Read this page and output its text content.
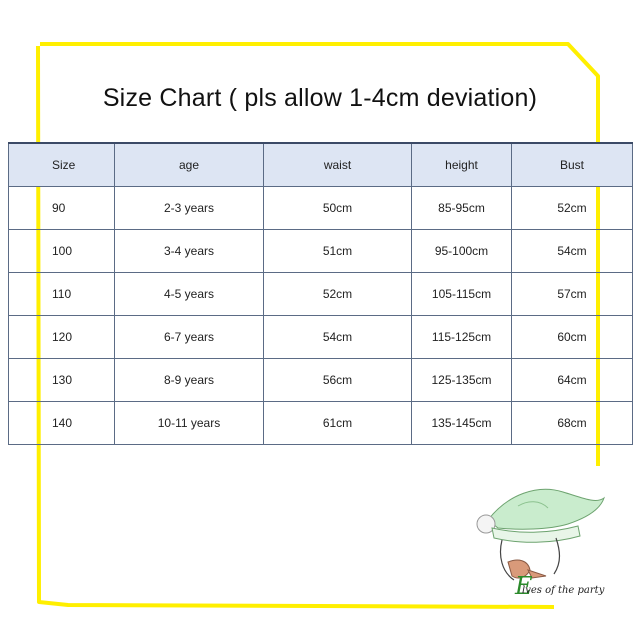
Size Chart ( pls allow 1-4cm deviation)
Size	age	waist	height	Bust
90	2-3 years	50cm	85-95cm	52cm
100	3-4 years	51cm	95-100cm	54cm
110	4-5 years	52cm	105-115cm	57cm
120	6-7 years	54cm	115-125cm	60cm
130	8-9 years	56cm	125-135cm	64cm
140	10-11 years	61cm	135-145cm	68cm
E
lves of the party
